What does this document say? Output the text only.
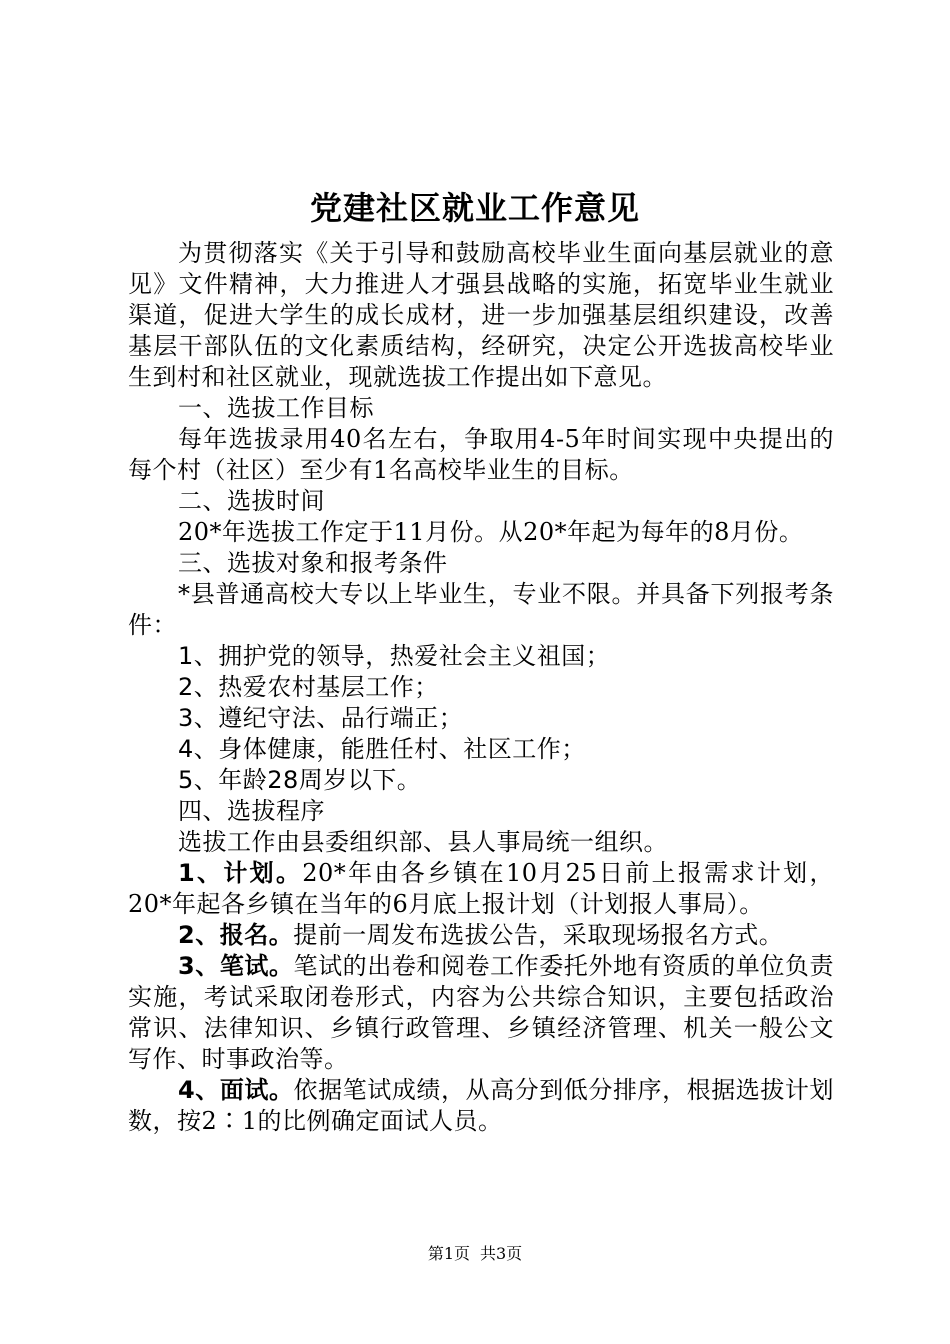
党建社区就业工作意见

为贯彻落实《关于引导和鼓励高校毕业生面向基层就业的意见》文件精神，大力推进人才强县战略的实施，拓宽毕业生就业渠道，促进大学生的成长成材，进一步加强基层组织建设，改善基层干部队伍的文化素质结构，经研究，决定公开选拔高校毕业生到村和社区就业，现就选拔工作提出如下意见。

一、选拔工作目标

每年选拔录用40名左右，争取用4-5年时间实现中央提出的每个村（社区）至少有1名高校毕业生的目标。

二、选拔时间

20*年选拔工作定于11月份。从20*年起为每年的8月份。

三、选拔对象和报考条件

*县普通高校大专以上毕业生，专业不限。并具备下列报考条件：

1、拥护党的领导，热爱社会主义祖国；

2、热爱农村基层工作；

3、遵纪守法、品行端正；

4、身体健康，能胜任村、社区工作；

5、年龄28周岁以下。

四、选拔程序

选拔工作由县委组织部、县人事局统一组织。

1、计划。20*年由各乡镇在10月25日前上报需求计划，20*年起各乡镇在当年的6月底上报计划（计划报人事局）。

2、报名。提前一周发布选拔公告，采取现场报名方式。

3、笔试。笔试的出卷和阅卷工作委托外地有资质的单位负责实施，考试采取闭卷形式，内容为公共综合知识，主要包括政治常识、法律知识、乡镇行政管理、乡镇经济管理、机关一般公文写作、时事政治等。

4、面试。依据笔试成绩，从高分到低分排序，根据选拔计划数，按2∶1的比例确定面试人员。

第1页 共3页
